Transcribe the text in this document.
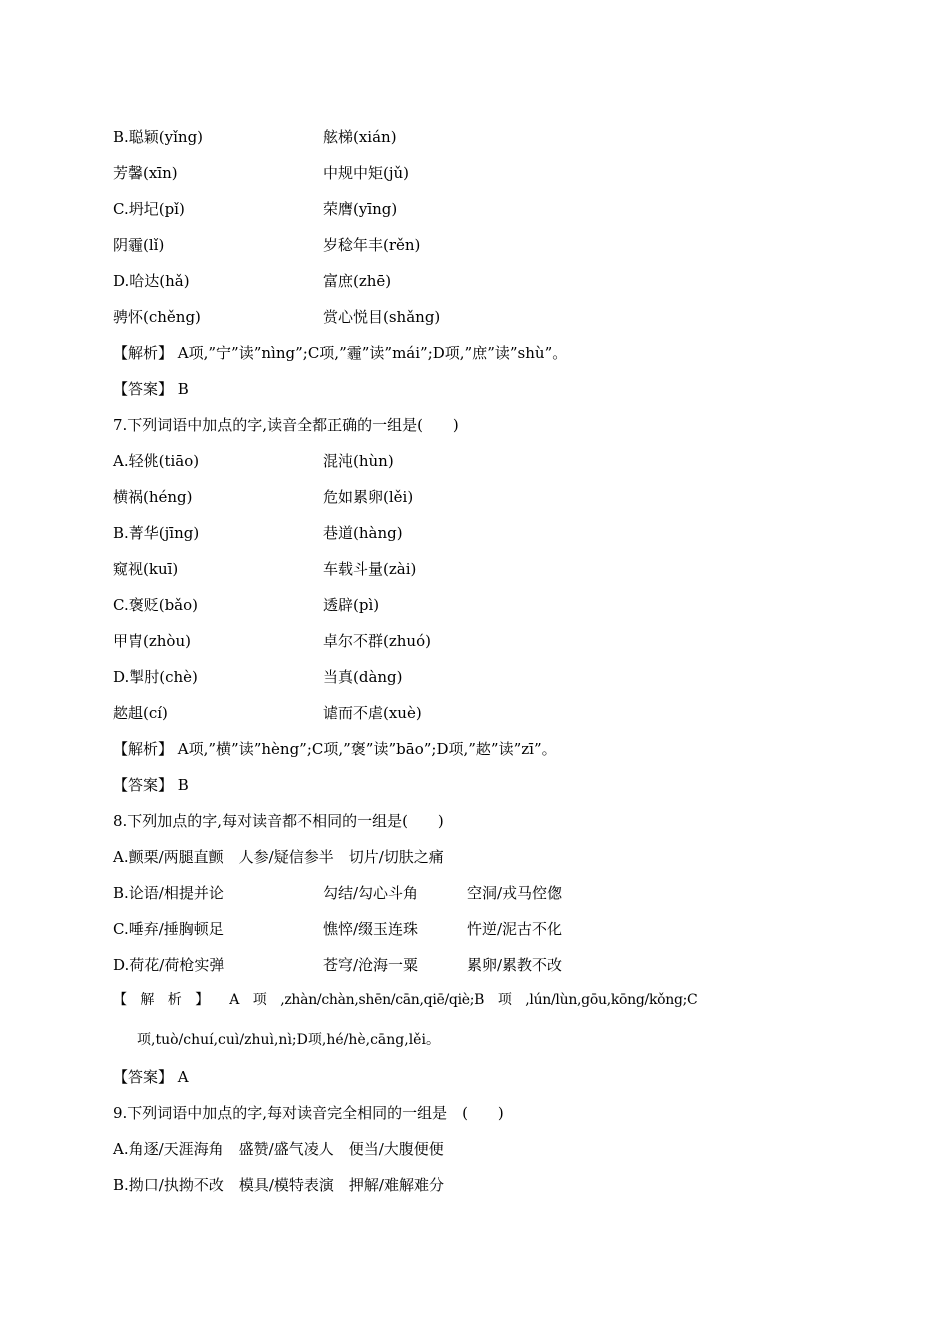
B.聪颖(yǐng)	舷梯(xián)
芳馨(xīn)	中规中矩(jǔ)
C.坍圮(pǐ)	荣膺(yīng)
阴霾(lǐ)	岁稔年丰(rěn)
D.哈达(hǎ)	富庶(zhē)
骋怀(chěng)	赏心悦目(shǎng)
【解析】 A项,”宁”读”nìng”;C项,”霾”读”mái”;D项,”庶”读”shù”。
【答案】 B
7.下列词语中加点的字,读音全都正确的一组是(　　)
A.轻佻(tiāo)	混沌(hùn)
横祸(héng)	危如累卵(lěi)
B.菁华(jīng)	巷道(hàng)
窥视(kuī)	车载斗量(zài)
C.褒贬(bǎo)	透辟(pì)
甲胄(zhòu)	卓尔不群(zhuó)
D.掣肘(chè)	当真(dàng)
趑趄(cí)	谑而不虐(xuè)
【解析】 A项,”横”读”hèng”;C项,”褒”读”bāo”;D项,”趑”读”zī”。
【答案】 B
8.下列加点的字,每对读音都不相同的一组是(　　)
A.颤栗/两腿直颤　人参/疑信参半　切片/切肤之痛
B.论语/相提并论	勾结/勾心斗角	空洞/戎马倥偬
C.唾弃/捶胸顿足	憔悴/缀玉连珠	忤逆/泥古不化
D.荷花/荷枪实弹	苍穹/沧海一粟	累卵/累教不改
【　解　析　】　　A　项　,zhàn/chàn,shēn/cān,qiē/qiè;B　项　,lún/lùn,gōu,kōng/kǒng;C
项,tuò/chuí,cuì/zhuì,nì;D项,hé/hè,cāng,lěi。
【答案】 A
9.下列词语中加点的字,每对读音完全相同的一组是　(　　)
A.角逐/天涯海角　盛赞/盛气凌人　便当/大腹便便
B.拗口/执拗不改　模具/模特表演　押解/难解难分
